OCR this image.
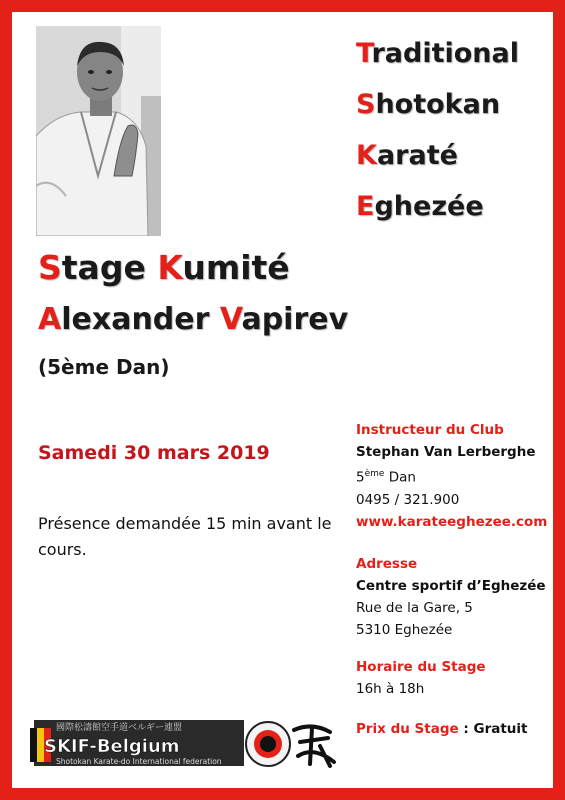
Traditional
Shotokan
Karaté
Eghezée
Stage Kumité
Alexander Vapirev
(5ème Dan)
Samedi 30 mars 2019
Présence demandée 15 min avant le cours.
Instructeur du Club
Stephan Van Lerberghe
5ème Dan
0495 / 321.900
www.karateeghezee.com
Adresse
Centre sportif d’Eghezée
Rue de la Gare, 5
5310 Eghezée
Horaire du Stage
16h à 18h
Prix du Stage : Gratuit
國際松濤館空手道ベルギー連盟
SKIF-Belgium
Shotokan Karate-do International federation
